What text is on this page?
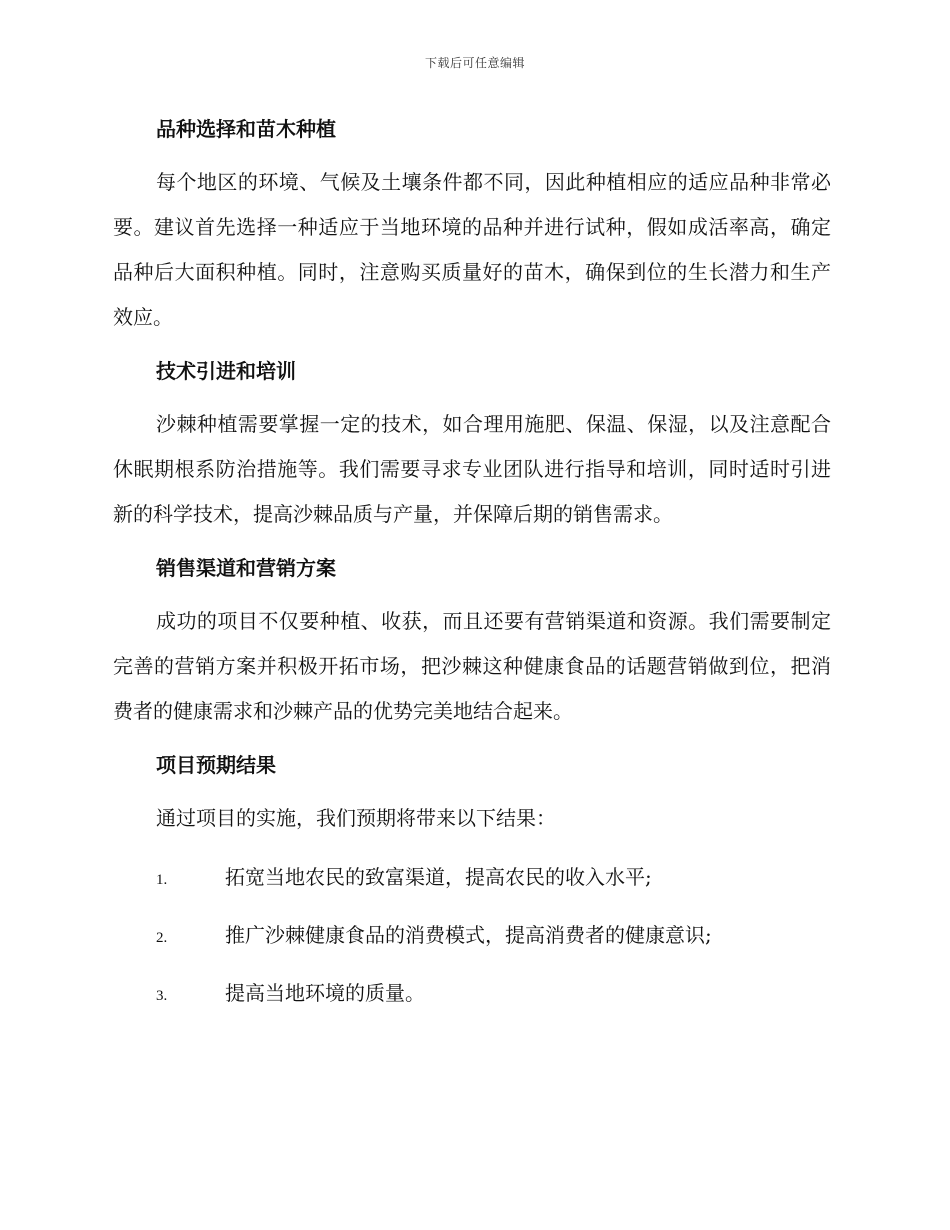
下载后可任意编辑
品种选择和苗木种植

每个地区的环境、气候及土壤条件都不同，因此种植相应的适应品种非常必要。建议首先选择一种适应于当地环境的品种并进行试种，假如成活率高，确定品种后大面积种植。同时，注意购买质量好的苗木，确保到位的生长潜力和生产效应。

技术引进和培训

沙棘种植需要掌握一定的技术，如合理用施肥、保温、保湿，以及注意配合休眠期根系防治措施等。我们需要寻求专业团队进行指导和培训，同时适时引进新的科学技术，提高沙棘品质与产量，并保障后期的销售需求。

销售渠道和营销方案

成功的项目不仅要种植、收获，而且还要有营销渠道和资源。我们需要制定完善的营销方案并积极开拓市场，把沙棘这种健康食品的话题营销做到位，把消费者的健康需求和沙棘产品的优势完美地结合起来。

项目预期结果

通过项目的实施，我们预期将带来以下结果：

1.	拓宽当地农民的致富渠道，提高农民的收入水平;
2.	推广沙棘健康食品的消费模式，提高消费者的健康意识;
3.	提高当地环境的质量。
